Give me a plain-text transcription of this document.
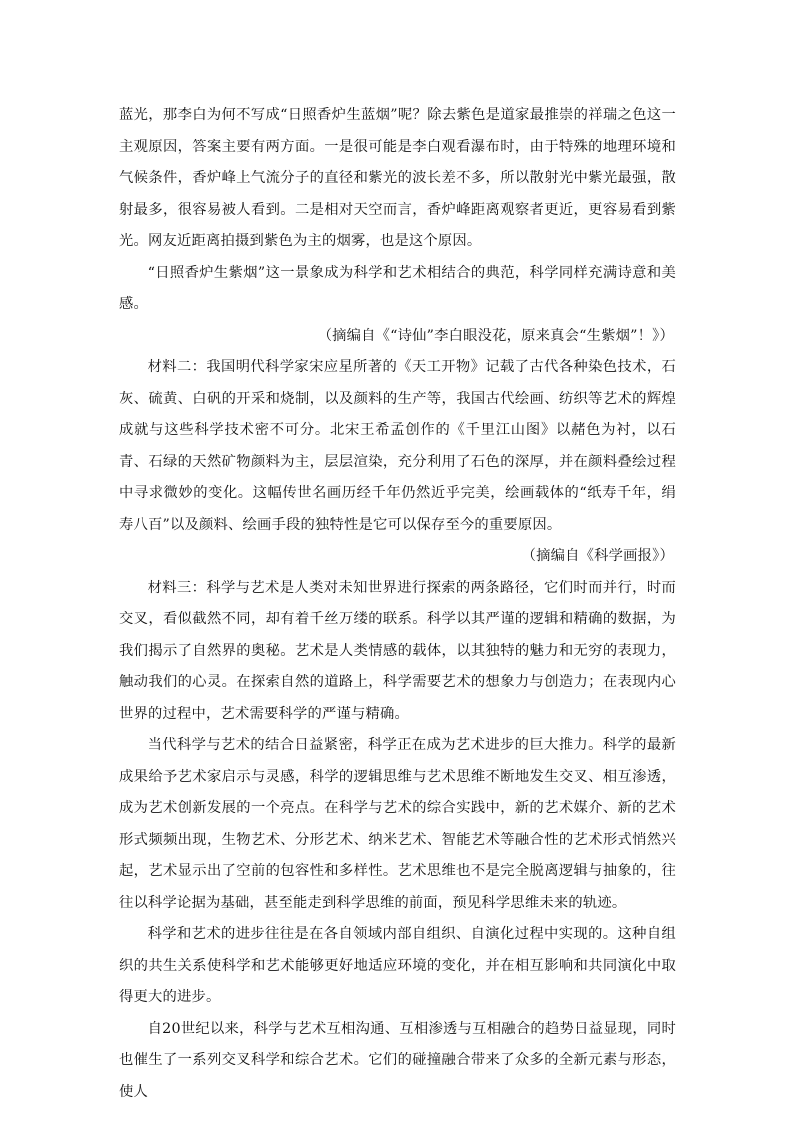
蓝光，那李白为何不写成“日照香炉生蓝烟”呢？除去紫色是道家最推崇的祥瑞之色这一主观原因，答案主要有两方面。一是很可能是李白观看瀑布时，由于特殊的地理环境和气候条件，香炉峰上气流分子的直径和紫光的波长差不多，所以散射光中紫光最强，散射最多，很容易被人看到。二是相对天空而言，香炉峰距离观察者更近，更容易看到紫光。网友近距离拍摄到紫色为主的烟雾，也是这个原因。

“日照香炉生紫烟”这一景象成为科学和艺术相结合的典范，科学同样充满诗意和美感。

（摘编自《“诗仙”李白眼没花，原来真会“生紫烟”！》）

材料二：我国明代科学家宋应星所著的《天工开物》记载了古代各种染色技术，石灰、硫黄、白矾的开采和烧制，以及颜料的生产等，我国古代绘画、纺织等艺术的辉煌成就与这些科学技术密不可分。北宋王希孟创作的《千里江山图》以赭色为衬，以石青、石绿的天然矿物颜料为主，层层渲染，充分利用了石色的深厚，并在颜料叠绘过程中寻求微妙的变化。这幅传世名画历经千年仍然近乎完美，绘画载体的“纸寿千年，绢寿八百”以及颜料、绘画手段的独特性是它可以保存至今的重要原因。

（摘编自《科学画报》）

材料三：科学与艺术是人类对未知世界进行探索的两条路径，它们时而并行，时而交叉，看似截然不同，却有着千丝万缕的联系。科学以其严谨的逻辑和精确的数据，为我们揭示了自然界的奥秘。艺术是人类情感的载体，以其独特的魅力和无穷的表现力，触动我们的心灵。在探索自然的道路上，科学需要艺术的想象力与创造力；在表现内心世界的过程中，艺术需要科学的严谨与精确。

当代科学与艺术的结合日益紧密，科学正在成为艺术进步的巨大推力。科学的最新成果给予艺术家启示与灵感，科学的逻辑思维与艺术思维不断地发生交叉、相互渗透，成为艺术创新发展的一个亮点。在科学与艺术的综合实践中，新的艺术媒介、新的艺术形式频频出现，生物艺术、分形艺术、纳米艺术、智能艺术等融合性的艺术形式悄然兴起，艺术显示出了空前的包容性和多样性。艺术思维也不是完全脱离逻辑与抽象的，往往以科学论据为基础，甚至能走到科学思维的前面，预见科学思维未来的轨迹。

科学和艺术的进步往往是在各自领域内部自组织、自演化过程中实现的。这种自组织的共生关系使科学和艺术能够更好地适应环境的变化，并在相互影响和共同演化中取得更大的进步。

自20世纪以来，科学与艺术互相沟通、互相渗透与互相融合的趋势日益显现，同时也催生了一系列交叉科学和综合艺术。它们的碰撞融合带来了众多的全新元素与形态，使人
